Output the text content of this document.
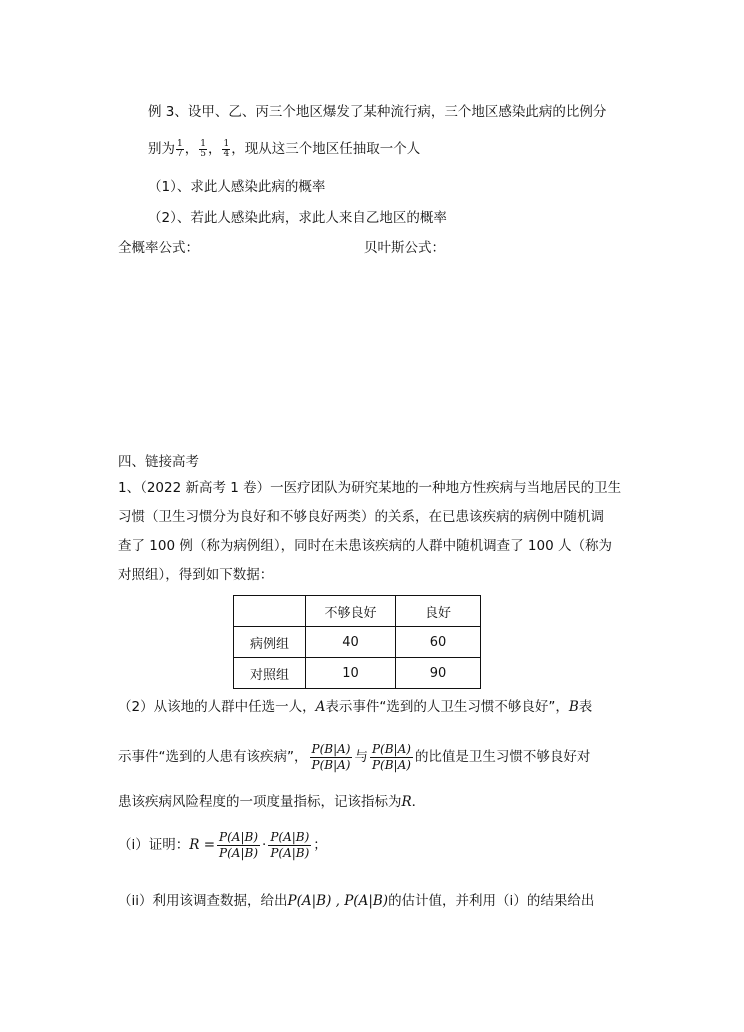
例 3、设甲、乙、丙三个地区爆发了某种流行病，三个地区感染此病的比例分
别为 $\frac{1}{7}$ ， $\frac{1}{5}$ ， $\frac{1}{4}$ ，现从这三个地区任抽取一个人
（1）、求此人感染此病的概率
（2）、若此人感染此病，求此人来自乙地区的概率
全概率公式：	贝叶斯公式：
四、链接高考
1、（2022 新高考 1 卷）一医疗团队为研究某地的一种地方性疾病与当地居民的卫生
习惯（卫生习惯分为良好和不够良好两类）的关系，在已患该疾病的病例中随机调
查了 100 例（称为病例组），同时在未患该疾病的人群中随机调查了 100 人（称为
对照组），得到如下数据：
	不够良好	良好
病例组	40	60
对照组	10	90
（2）从该地的人群中任选一人，A表示事件“选到的人卫生习惯不够良好”，B表
示事件“选到的人患有该疾病”， $\frac{P(B|A)}{P(B|A)}$ 与 $\frac{P(B|A)}{P(B|A)}$ 的比值是卫生习惯不够良好对
患该疾病风险程度的一项度量指标，记该指标为R．
（i）证明：$R = \frac{P(A|B)}{P(A|B)} \cdot \frac{P(A|B)}{P(A|B)}$ ；
（ii）利用该调查数据，给出P(A|B) , P(A|B)的估计值，并利用（i）的结果给出
